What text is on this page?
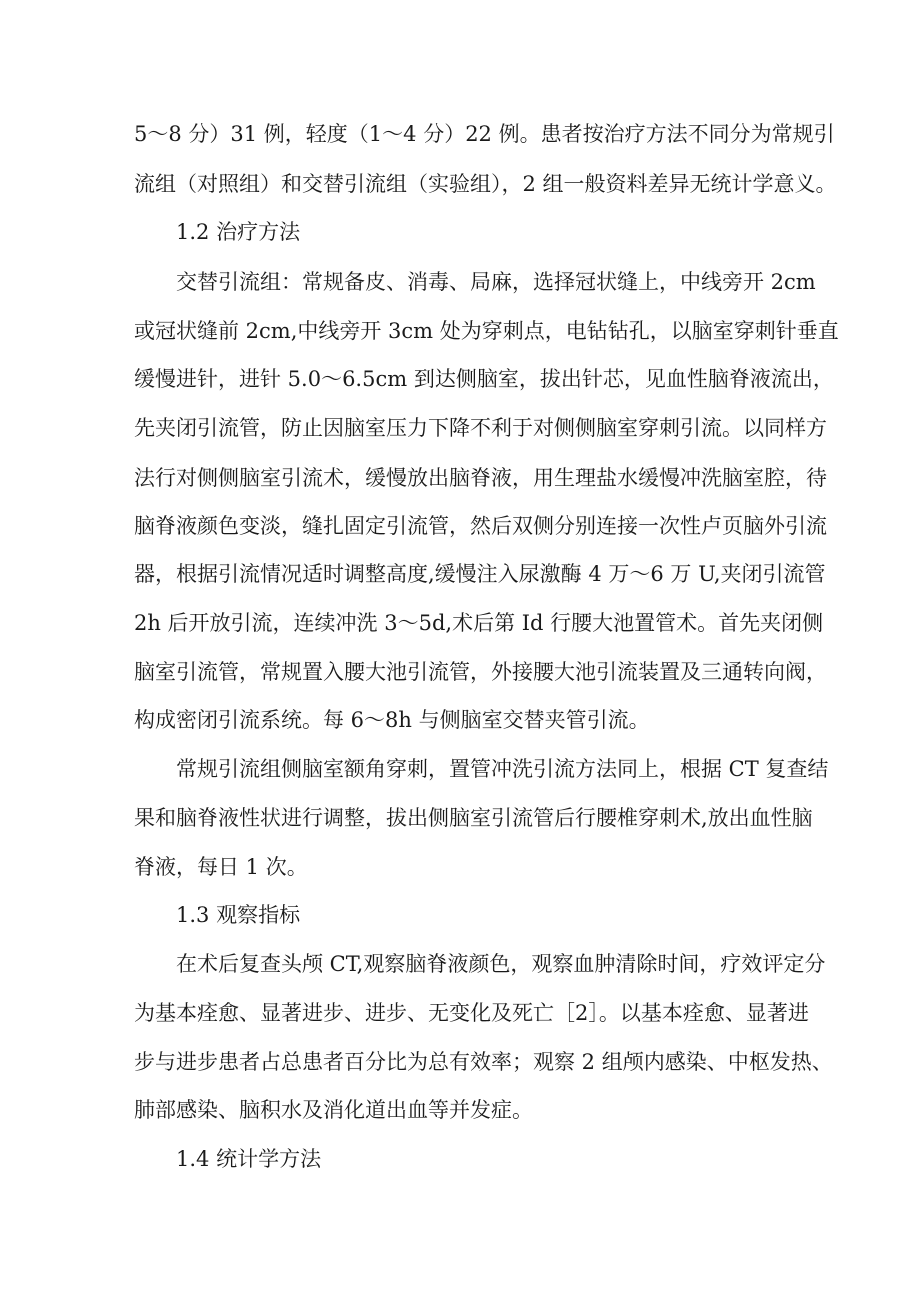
5～8 分）31 例，轻度（1～4 分）22 例。患者按治疗方法不同分为常规引
流组（对照组）和交替引流组（实验组），2 组一般资料差异无统计学意义。
1.2 治疗方法
交替引流组：常规备皮、消毒、局麻，选择冠状缝上，中线旁开 2cm
或冠状缝前 2cm,中线旁开 3cm 处为穿刺点，电钻钻孔，以脑室穿刺针垂直
缓慢进针，进针 5.0～6.5cm 到达侧脑室，拔出针芯，见血性脑脊液流出，
先夹闭引流管，防止因脑室压力下降不利于对侧侧脑室穿刺引流。以同样方
法行对侧侧脑室引流术，缓慢放出脑脊液，用生理盐水缓慢冲洗脑室腔，待
脑脊液颜色变淡，缝扎固定引流管，然后双侧分别连接一次性卢页脑外引流
器，根据引流情况适时调整高度,缓慢注入尿激酶 4 万～6 万 U,夹闭引流管
2h 后开放引流，连续冲洗 3～5d,术后第 Id 行腰大池置管术。首先夹闭侧
脑室引流管，常规置入腰大池引流管，外接腰大池引流装置及三通转向阀，
构成密闭引流系统。每 6～8h 与侧脑室交替夹管引流。
常规引流组侧脑室额角穿刺，置管冲洗引流方法同上，根据 CT 复查结
果和脑脊液性状进行调整，拔出侧脑室引流管后行腰椎穿刺术,放出血性脑
脊液，每日 1 次。
1.3 观察指标
在术后复查头颅 CT,观察脑脊液颜色，观察血肿清除时间，疗效评定分
为基本痊愈、显著进步、进步、无变化及死亡［2］。以基本痊愈、显著进
步与进步患者占总患者百分比为总有效率；观察 2 组颅内感染、中枢发热、
肺部感染、脑积水及消化道出血等并发症。
1.4 统计学方法
